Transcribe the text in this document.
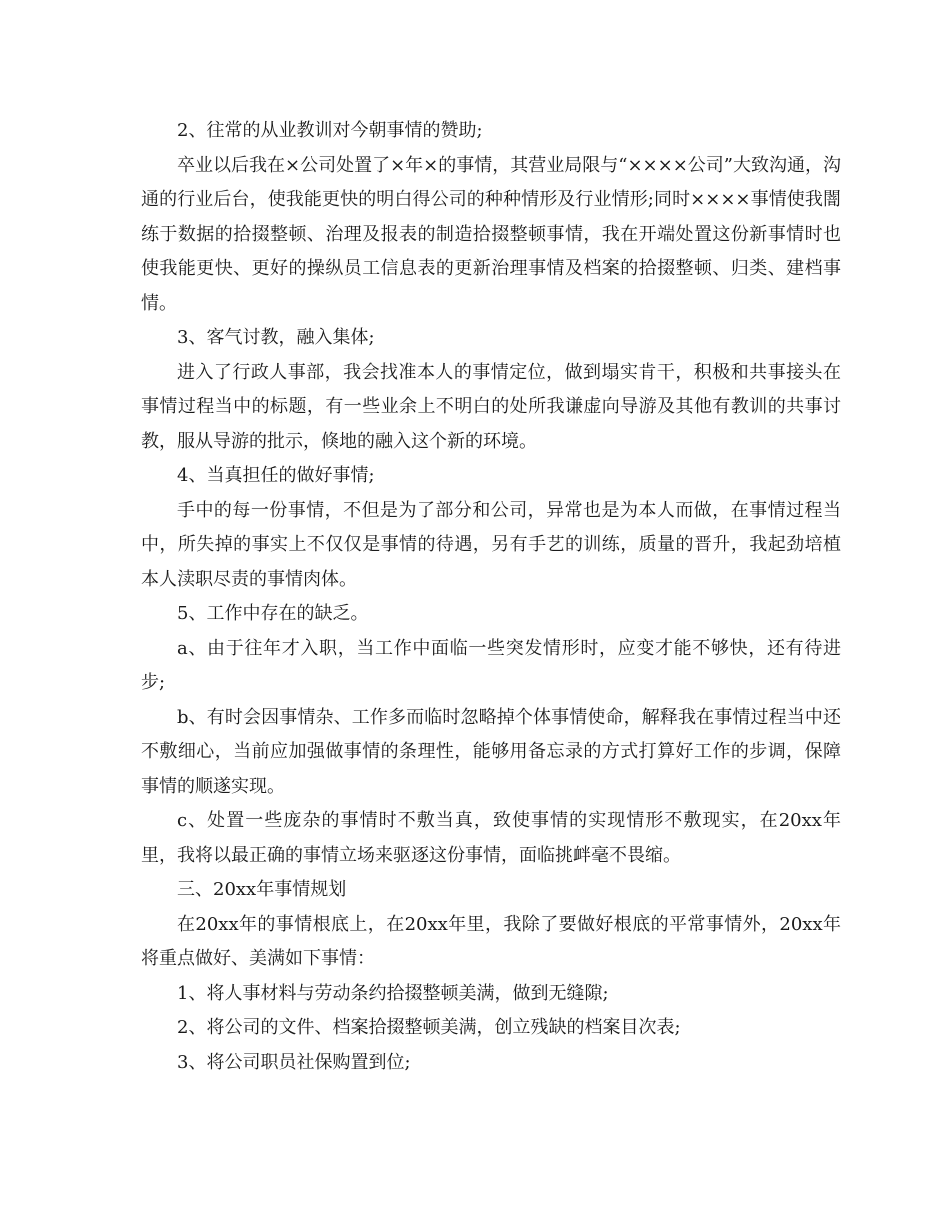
2、往常的从业教训对今朝事情的赞助;

卒业以后我在×公司处置了×年×的事情，其营业局限与“××××公司”大致沟通，沟通的行业后台，使我能更快的明白得公司的种种情形及行业情形;同时××××事情使我闇练于数据的拾掇整顿、治理及报表的制造拾掇整顿事情，我在开端处置这份新事情时也使我能更快、更好的操纵员工信息表的更新治理事情及档案的拾掇整顿、归类、建档事情。

3、客气讨教，融入集体;

进入了行政人事部，我会找准本人的事情定位，做到塌实肯干，积极和共事接头在事情过程当中的标题，有一些业余上不明白的处所我谦虚向导游及其他有教训的共事讨教，服从导游的批示，倏地的融入这个新的环境。

4、当真担任的做好事情;

手中的每一份事情，不但是为了部分和公司，异常也是为本人而做，在事情过程当中，所失掉的事实上不仅仅是事情的待遇，另有手艺的训练，质量的晋升，我起劲培植本人渎职尽责的事情肉体。

5、工作中存在的缺乏。

a、由于往年才入职，当工作中面临一些突发情形时，应变才能不够快，还有待进步;

b、有时会因事情杂、工作多而临时忽略掉个体事情使命，解释我在事情过程当中还不敷细心，当前应加强做事情的条理性，能够用备忘录的方式打算好工作的步调，保障事情的顺遂实现。

c、处置一些庞杂的事情时不敷当真，致使事情的实现情形不敷现实，在20xx年里，我将以最正确的事情立场来驱逐这份事情，面临挑衅毫不畏缩。

三、20xx年事情规划

在20xx年的事情根底上，在20xx年里，我除了要做好根底的平常事情外，20xx年将重点做好、美满如下事情：

1、将人事材料与劳动条约拾掇整顿美满，做到无缝隙;

2、将公司的文件、档案拾掇整顿美满，创立残缺的档案目次表;

3、将公司职员社保购置到位;
